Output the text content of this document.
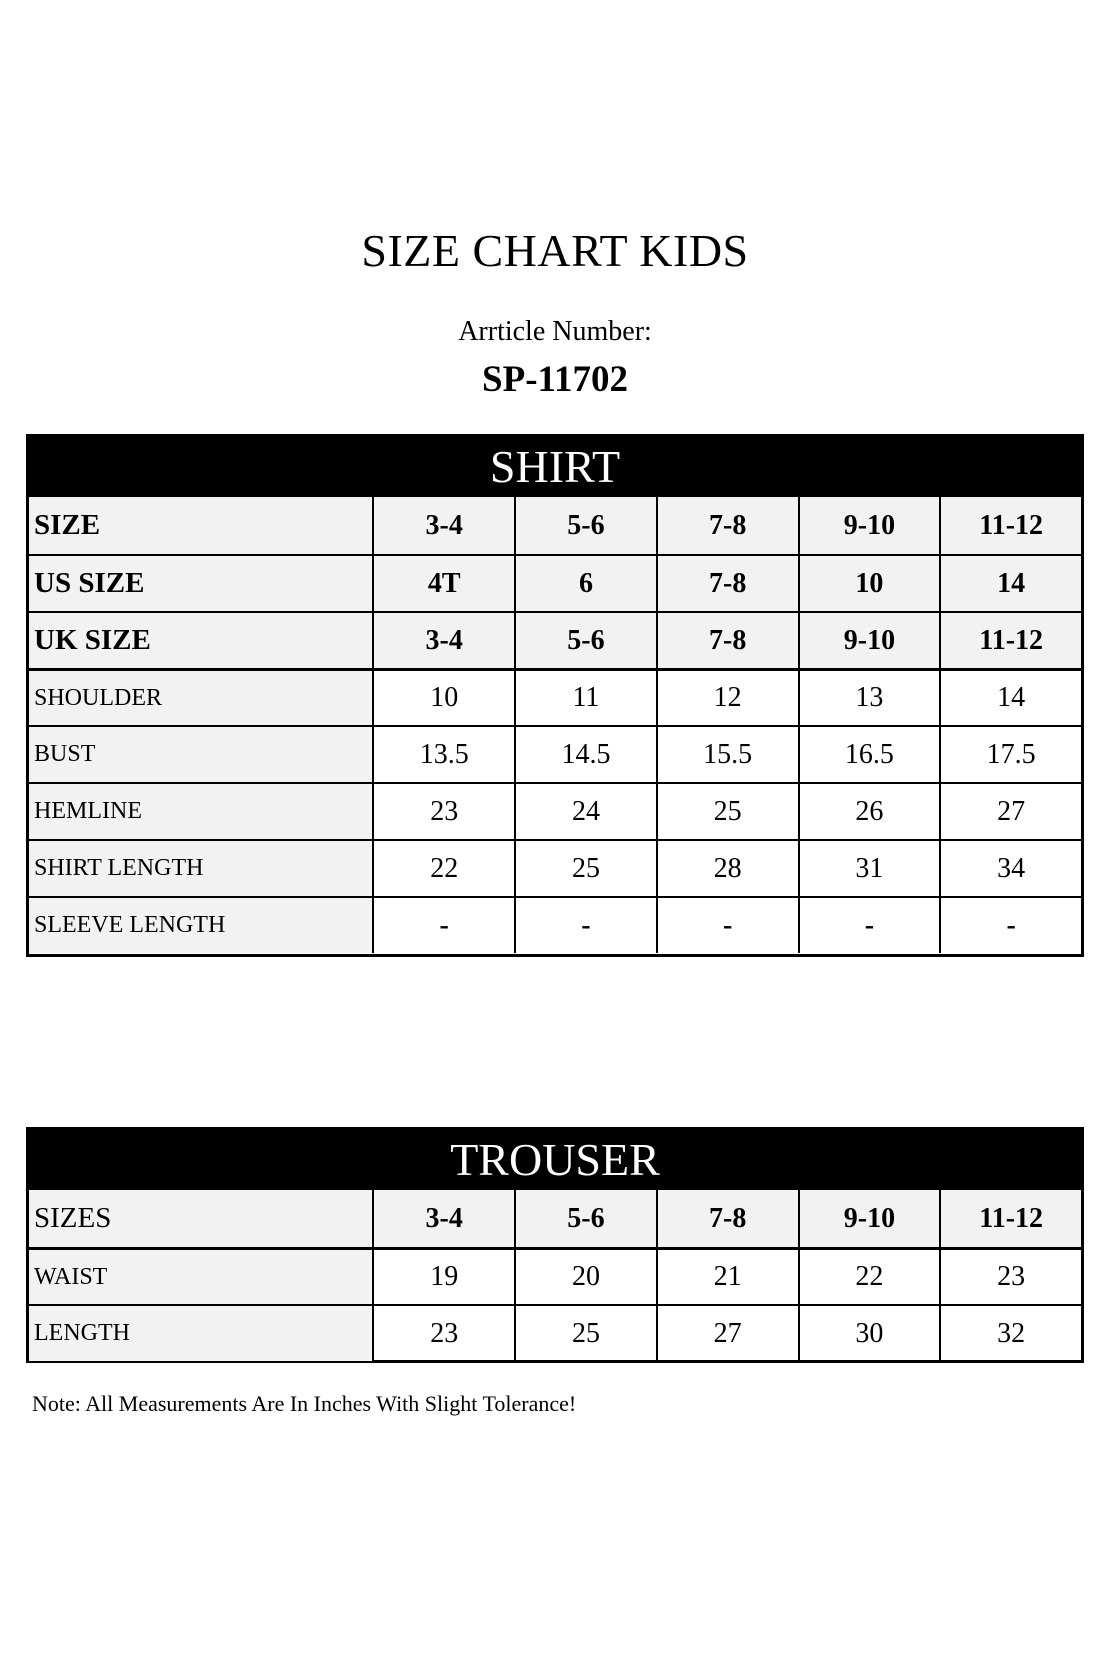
SIZE CHART KIDS
Arrticle Number:
SP-11702
SHIRT
SIZE	3-4	5-6	7-8	9-10	11-12
US SIZE	4T	6	7-8	10	14
UK SIZE	3-4	5-6	7-8	9-10	11-12
SHOULDER	10	11	12	13	14
BUST	13.5	14.5	15.5	16.5	17.5
HEMLINE	23	24	25	26	27
SHIRT LENGTH	22	25	28	31	34
SLEEVE LENGTH	-	-	-	-	-
TROUSER
SIZES	3-4	5-6	7-8	9-10	11-12
WAIST	19	20	21	22	23
LENGTH	23	25	27	30	32
Note: All Measurements Are In Inches With Slight Tolerance!
